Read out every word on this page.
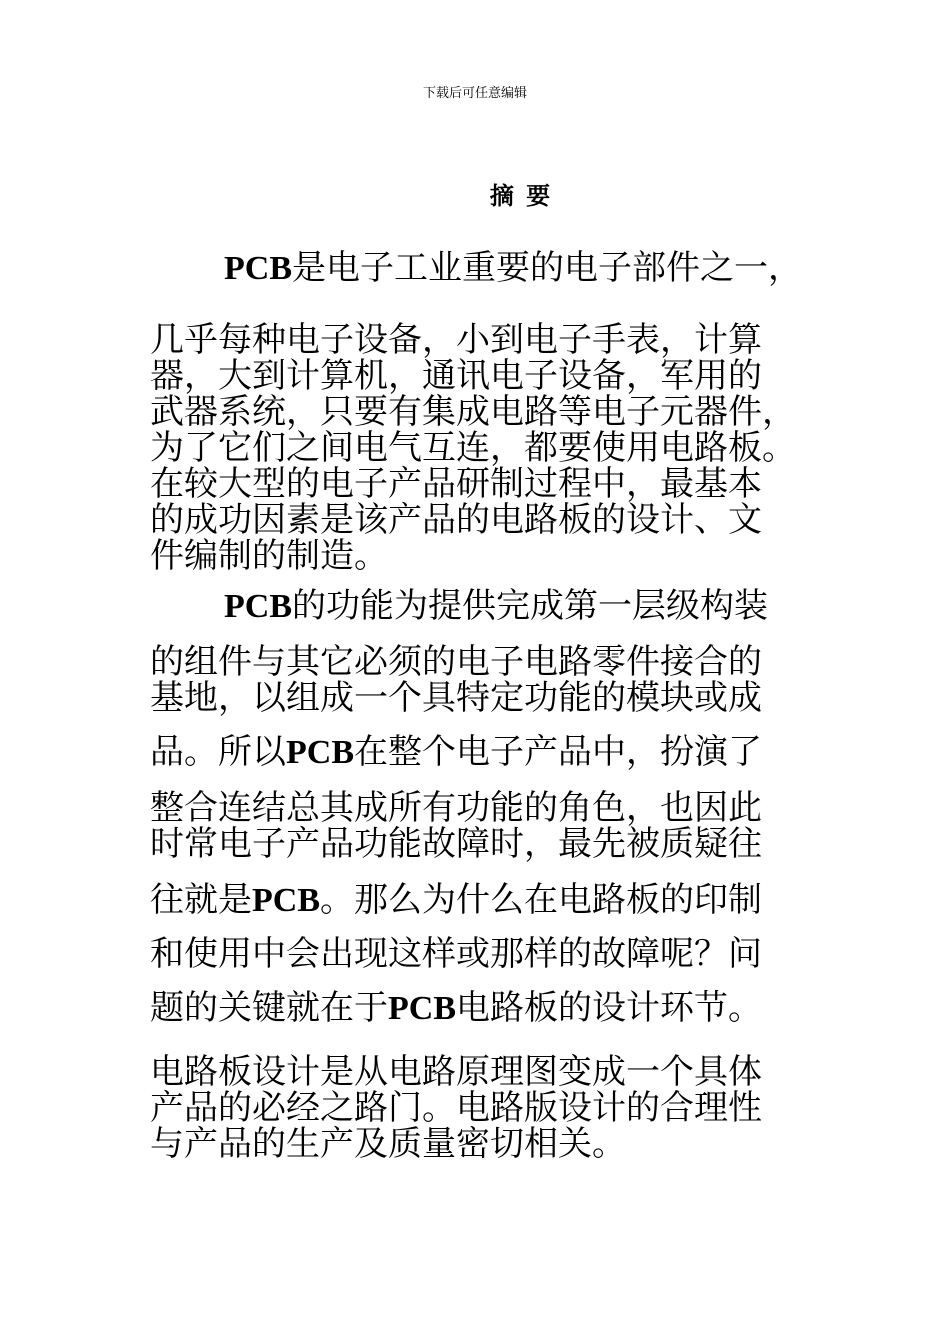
下载后可任意编辑
摘 要
PCB是电子工业重要的电子部件之一，
几乎每种电子设备，小到电子手表，计算
器，大到计算机，通讯电子设备，军用的
武器系统，只要有集成电路等电子元器件，
为了它们之间电气互连，都要使用电路板。
在较大型的电子产品研制过程中，最基本
的成功因素是该产品的电路板的设计、文
件编制的制造。
PCB的功能为提供完成第一层级构装
的组件与其它必须的电子电路零件接合的
基地，以组成一个具特定功能的模块或成
品。所以PCB在整个电子产品中，扮演了
整合连结总其成所有功能的角色，也因此
时常电子产品功能故障时，最先被质疑往
往就是PCB。那么为什么在电路板的印制
和使用中会出现这样或那样的故障呢？问
题的关键就在于PCB电路板的设计环节。
电路板设计是从电路原理图变成一个具体
产品的必经之路门。电路版设计的合理性
与产品的生产及质量密切相关。
